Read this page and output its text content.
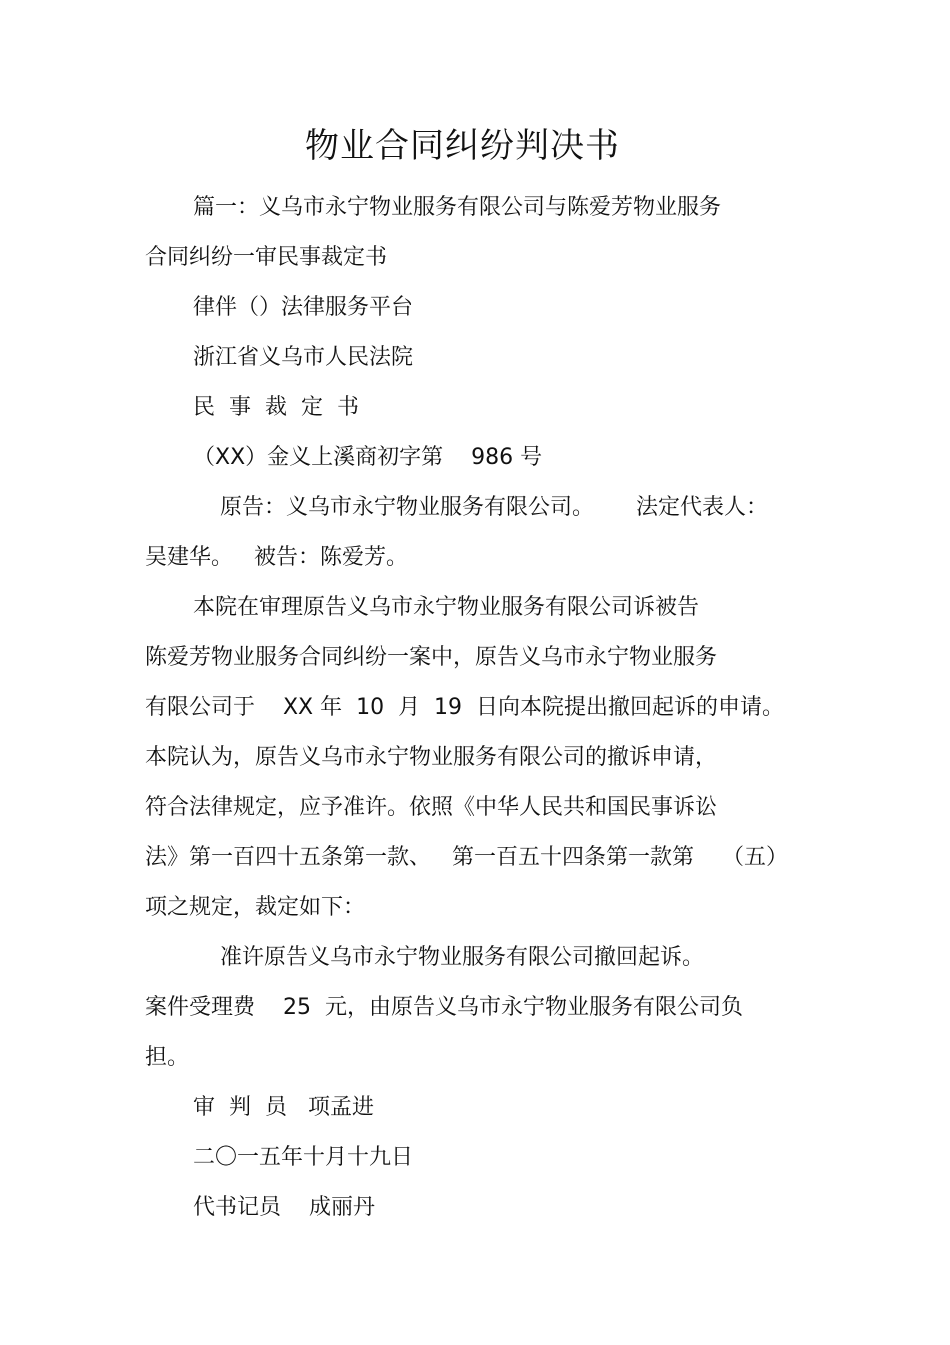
物业合同纠纷判决书
篇一：义乌市永宁物业服务有限公司与陈爱芳物业服务
合同纠纷一审民事裁定书
律伴（）法律服务平台
浙江省义乌市人民法院
民  事  裁  定  书
（XX）金义上溪商初字第    986 号
原告：义乌市永宁物业服务有限公司。      法定代表人：
吴建华。   被告：陈爱芳。
本院在审理原告义乌市永宁物业服务有限公司诉被告
陈爱芳物业服务合同纠纷一案中，原告义乌市永宁物业服务
有限公司于    XX 年  10  月  19  日向本院提出撤回起诉的申请。
本院认为，原告义乌市永宁物业服务有限公司的撤诉申请，
符合法律规定，应予准许。依照《中华人民共和国民事诉讼
法》第一百四十五条第一款、   第一百五十四条第一款第    （五）
项之规定，裁定如下：
准许原告义乌市永宁物业服务有限公司撤回起诉。
案件受理费    25  元，由原告义乌市永宁物业服务有限公司负
担。
审  判  员   项孟进
二〇一五年十月十九日
代书记员    成丽丹
